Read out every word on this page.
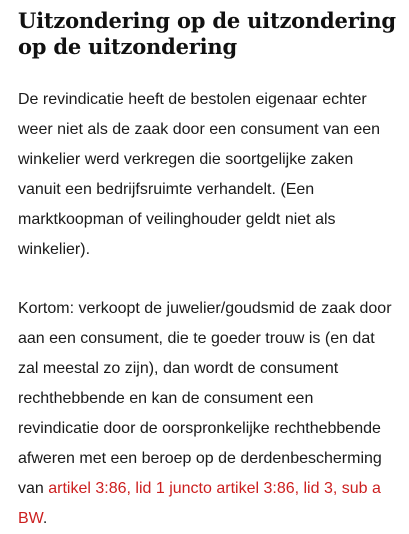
Uitzondering op de uitzondering op de uitzondering

De revindicatie heeft de bestolen eigenaar echter weer niet als de zaak door een consument van een winkelier werd verkregen die soortgelijke zaken vanuit een bedrijfsruimte verhandelt. (Een marktkoopman of veilinghouder geldt niet als winkelier).

Kortom: verkoopt de juwelier/goudsmid de zaak door aan een consument, die te goeder trouw is (en dat zal meestal zo zijn), dan wordt de consument rechthebbende en kan de consument een revindicatie door de oorspronkelijke rechthebbende afweren met een beroep op de derdenbescherming van artikel 3:86, lid 1 juncto artikel 3:86, lid 3, sub a BW.
